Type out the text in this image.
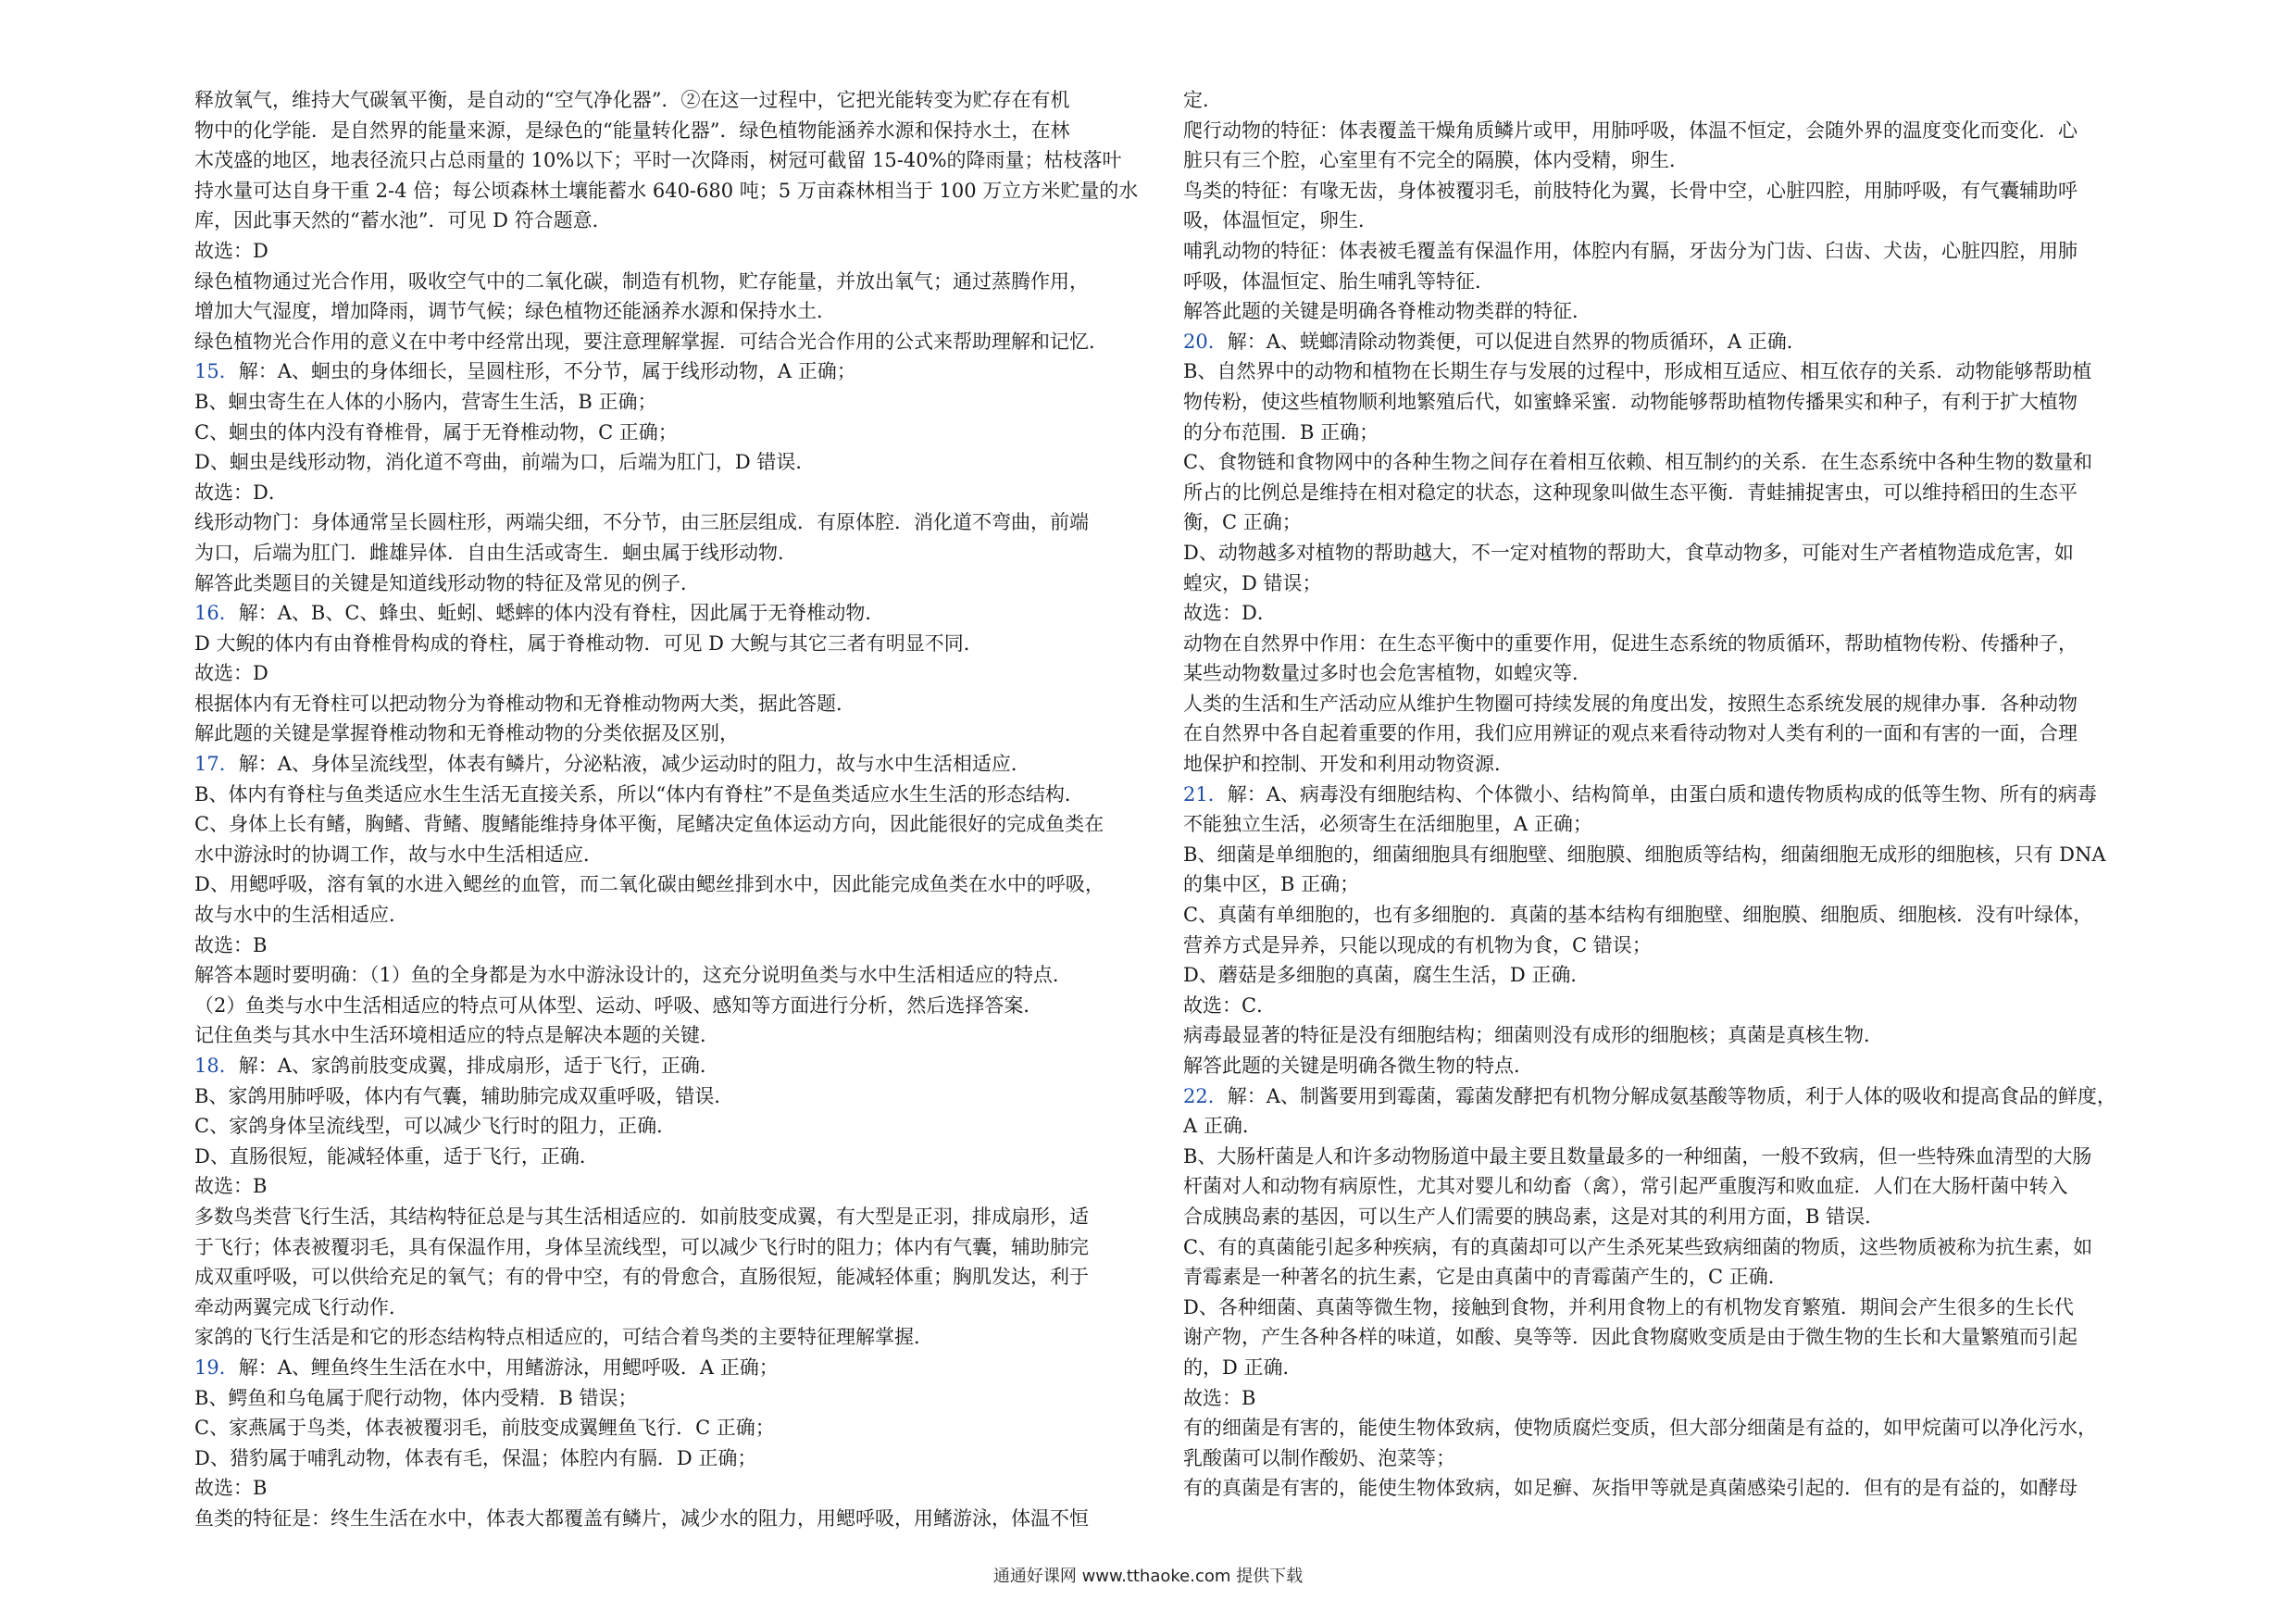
释放氧气，维持大气碳氧平衡，是自动的“空气净化器”．②在这一过程中，它把光能转变为贮存在有机
物中的化学能．是自然界的能量来源，是绿色的“能量转化器”．绿色植物能涵养水源和保持水土，在林
木茂盛的地区，地表径流只占总雨量的 10%以下；平时一次降雨，树冠可截留 15-40%的降雨量；枯枝落叶
持水量可达自身干重 2-4 倍；每公顷森林土壤能蓄水 640-680 吨；5 万亩森林相当于 100 万立方米贮量的水
库，因此事天然的“蓄水池”．可见 D 符合题意．
故选：D
绿色植物通过光合作用，吸收空气中的二氧化碳，制造有机物，贮存能量，并放出氧气；通过蒸腾作用，
增加大气湿度，增加降雨，调节气候；绿色植物还能涵养水源和保持水土．
绿色植物光合作用的意义在中考中经常出现，要注意理解掌握．可结合光合作用的公式来帮助理解和记忆．
15．解：A、蛔虫的身体细长，呈圆柱形，不分节，属于线形动物，A 正确；
B、蛔虫寄生在人体的小肠内，营寄生生活，B 正确；
C、蛔虫的体内没有脊椎骨，属于无脊椎动物，C 正确；
D、蛔虫是线形动物，消化道不弯曲，前端为口，后端为肛门，D 错误．
故选：D．
线形动物门：身体通常呈长圆柱形，两端尖细，不分节，由三胚层组成．有原体腔．消化道不弯曲，前端
为口，后端为肛门．雌雄异体．自由生活或寄生．蛔虫属于线形动物．
解答此类题目的关键是知道线形动物的特征及常见的例子．
16．解：A、B、C、蜂虫、蚯蚓、蟋蟀的体内没有脊柱，因此属于无脊椎动物．
D 大鲵的体内有由脊椎骨构成的脊柱，属于脊椎动物．可见 D 大鲵与其它三者有明显不同．
故选：D
根据体内有无脊柱可以把动物分为脊椎动物和无脊椎动物两大类，据此答题．
解此题的关键是掌握脊椎动物和无脊椎动物的分类依据及区别，
17．解：A、身体呈流线型，体表有鳞片，分泌粘液，减少运动时的阻力，故与水中生活相适应．
B、体内有脊柱与鱼类适应水生生活无直接关系，所以“体内有脊柱”不是鱼类适应水生生活的形态结构．
C、身体上长有鳍，胸鳍、背鳍、腹鳍能维持身体平衡，尾鳍决定鱼体运动方向，因此能很好的完成鱼类在
水中游泳时的协调工作，故与水中生活相适应．
D、用鳃呼吸，溶有氧的水进入鳃丝的血管，而二氧化碳由鳃丝排到水中，因此能完成鱼类在水中的呼吸，
故与水中的生活相适应．
故选：B
解答本题时要明确：（1）鱼的全身都是为水中游泳设计的，这充分说明鱼类与水中生活相适应的特点．
（2）鱼类与水中生活相适应的特点可从体型、运动、呼吸、感知等方面进行分析，然后选择答案．
记住鱼类与其水中生活环境相适应的特点是解决本题的关键．
18．解：A、家鸽前肢变成翼，排成扇形，适于飞行，正确．
B、家鸽用肺呼吸，体内有气囊，辅助肺完成双重呼吸，错误．
C、家鸽身体呈流线型，可以减少飞行时的阻力，正确．
D、直肠很短，能减轻体重，适于飞行，正确．
故选：B
多数鸟类营飞行生活，其结构特征总是与其生活相适应的．如前肢变成翼，有大型是正羽，排成扇形，适
于飞行；体表被覆羽毛，具有保温作用，身体呈流线型，可以减少飞行时的阻力；体内有气囊，辅助肺完
成双重呼吸，可以供给充足的氧气；有的骨中空，有的骨愈合，直肠很短，能减轻体重；胸肌发达，利于
牵动两翼完成飞行动作．
家鸽的飞行生活是和它的形态结构特点相适应的，可结合着鸟类的主要特征理解掌握．
19．解：A、鲤鱼终生生活在水中，用鳍游泳，用鳃呼吸．A 正确；
B、鳄鱼和乌龟属于爬行动物，体内受精．B 错误；
C、家燕属于鸟类，体表被覆羽毛，前肢变成翼鲤鱼飞行．C 正确；
D、猎豹属于哺乳动物，体表有毛，保温；体腔内有膈．D 正确；
故选：B
鱼类的特征是：终生生活在水中，体表大都覆盖有鳞片，减少水的阻力，用鳃呼吸，用鳍游泳，体温不恒
定．
爬行动物的特征：体表覆盖干燥角质鳞片或甲，用肺呼吸，体温不恒定，会随外界的温度变化而变化．心
脏只有三个腔，心室里有不完全的隔膜，体内受精，卵生．
鸟类的特征：有喙无齿，身体被覆羽毛，前肢特化为翼，长骨中空，心脏四腔，用肺呼吸，有气囊辅助呼
吸，体温恒定，卵生．
哺乳动物的特征：体表被毛覆盖有保温作用，体腔内有膈，牙齿分为门齿、臼齿、犬齿，心脏四腔，用肺
呼吸，体温恒定、胎生哺乳等特征．
解答此题的关键是明确各脊椎动物类群的特征．
20．解：A、蜣螂清除动物粪便，可以促进自然界的物质循环，A 正确．
B、自然界中的动物和植物在长期生存与发展的过程中，形成相互适应、相互依存的关系．动物能够帮助植
物传粉，使这些植物顺利地繁殖后代，如蜜蜂采蜜．动物能够帮助植物传播果实和种子，有利于扩大植物
的分布范围．B 正确；
C、食物链和食物网中的各种生物之间存在着相互依赖、相互制约的关系．在生态系统中各种生物的数量和
所占的比例总是维持在相对稳定的状态，这种现象叫做生态平衡．青蛙捕捉害虫，可以维持稻田的生态平
衡，C 正确；
D、动物越多对植物的帮助越大，不一定对植物的帮助大，食草动物多，可能对生产者植物造成危害，如
蝗灾，D 错误；
故选：D．
动物在自然界中作用：在生态平衡中的重要作用，促进生态系统的物质循环，帮助植物传粉、传播种子，
某些动物数量过多时也会危害植物，如蝗灾等．
人类的生活和生产活动应从维护生物圈可持续发展的角度出发，按照生态系统发展的规律办事．各种动物
在自然界中各自起着重要的作用，我们应用辨证的观点来看待动物对人类有利的一面和有害的一面，合理
地保护和控制、开发和利用动物资源．
21．解：A、病毒没有细胞结构、个体微小、结构简单，由蛋白质和遗传物质构成的低等生物、所有的病毒
不能独立生活，必须寄生在活细胞里，A 正确；
B、细菌是单细胞的，细菌细胞具有细胞壁、细胞膜、细胞质等结构，细菌细胞无成形的细胞核，只有 DNA
的集中区，B 正确；
C、真菌有单细胞的，也有多细胞的．真菌的基本结构有细胞壁、细胞膜、细胞质、细胞核．没有叶绿体，
营养方式是异养，只能以现成的有机物为食，C 错误；
D、蘑菇是多细胞的真菌，腐生生活，D 正确．
故选：C．
病毒最显著的特征是没有细胞结构；细菌则没有成形的细胞核；真菌是真核生物．
解答此题的关键是明确各微生物的特点．
22．解：A、制酱要用到霉菌，霉菌发酵把有机物分解成氨基酸等物质，利于人体的吸收和提高食品的鲜度，
A 正确．
B、大肠杆菌是人和许多动物肠道中最主要且数量最多的一种细菌，一般不致病，但一些特殊血清型的大肠
杆菌对人和动物有病原性，尤其对婴儿和幼畜（禽），常引起严重腹泻和败血症．人们在大肠杆菌中转入
合成胰岛素的基因，可以生产人们需要的胰岛素，这是对其的利用方面，B 错误．
C、有的真菌能引起多种疾病，有的真菌却可以产生杀死某些致病细菌的物质，这些物质被称为抗生素，如
青霉素是一种著名的抗生素，它是由真菌中的青霉菌产生的，C 正确．
D、各种细菌、真菌等微生物，接触到食物，并利用食物上的有机物发育繁殖．期间会产生很多的生长代
谢产物，产生各种各样的味道，如酸、臭等等．因此食物腐败变质是由于微生物的生长和大量繁殖而引起
的，D 正确．
故选：B
有的细菌是有害的，能使生物体致病，使物质腐烂变质，但大部分细菌是有益的，如甲烷菌可以净化污水，
乳酸菌可以制作酸奶、泡菜等；
有的真菌是有害的，能使生物体致病，如足癣、灰指甲等就是真菌感染引起的．但有的是有益的，如酵母
通通好课网 www.tthaoke.com 提供下载
